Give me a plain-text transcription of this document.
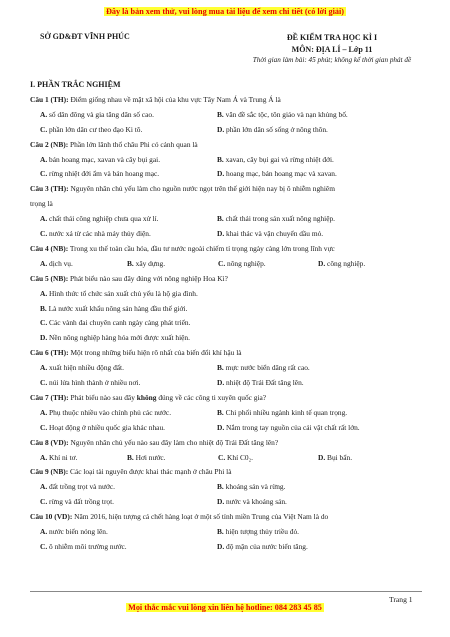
Đây là bản xem thử, vui lòng mua tài liệu để xem chi tiết (có lời giải)
SỞ GD&ĐT VĨNH PHÚC	ĐỀ KIỂM TRA HỌC KÌ I
MÔN: ĐỊA LÍ – Lớp 11
Thời gian làm bài: 45 phút; không kể thời gian phát đề
I. PHẦN TRẮC NGHIỆM
Câu 1 (TH): Điểm giống nhau về mặt xã hội của khu vực Tây Nam Á và Trung Á là
A. số dân đông và gia tăng dân số cao.	B. văn đề sắc tộc, tôn giáo và nạn khủng bố.
C. phần lớn dân cư theo đạo Ki tô.	D. phần lớn dân số sống ở nông thôn.
Câu 2 (NB): Phần lớn lãnh thổ châu Phi có cảnh quan là
A. bán hoang mạc, xavan và cây bụi gai.	B. xavan, cây bụi gai và rừng nhiệt đới.
C. rừng nhiệt đới ẩm và bán hoang mạc.	D. hoang mạc, bán hoang mạc và xavan.
Câu 3 (TH): Nguyên nhân chủ yếu làm cho nguồn nước ngọt trên thế giới hiện nay bị ô nhiễm nghiêm
trọng là
A. chất thải công nghiệp chưa qua xử lí.	B. chất thải trong sản xuất nông nghiệp.
C. nước xả từ các nhà máy thủy điện.	D. khai thác và vận chuyển dầu mỏ.
Câu 4 (NB): Trong xu thế toàn cầu hóa, đầu tư nước ngoài chiếm tỉ trọng ngày càng lớn trong lĩnh vực
A. dịch vụ.	B. xây dựng.	C. nông nghiệp.	D. công nghiệp.
Câu 5 (NB): Phát biểu nào sau đây đúng với nông nghiệp Hoa Kì?
A. Hình thức tổ chức sản xuất chủ yếu là hộ gia đình.
B. Là nước xuất khẩu nông sản hàng đầu thế giới.
C. Các vành đai chuyên canh ngày càng phát triển.
D. Nền nông nghiệp hàng hóa mới được xuất hiện.
Câu 6 (TH): Một trong những biểu hiện rõ nhất của biến đổi khí hậu là
A. xuất hiện nhiều động đất.	B. mực nước biển dâng rất cao.
C. núi lửa hình thành ở nhiều nơi.	D. nhiệt độ Trái Đất tăng lên.
Câu 7 (TH): Phát biểu nào sau đây không đúng về các công ti xuyên quốc gia?
A. Phụ thuộc nhiều vào chính phủ các nước.	B. Chi phối nhiều ngành kinh tế quan trọng.
C. Hoạt động ở nhiều quốc gia khác nhau.	D. Nắm trong tay nguồn của cải vật chất rất lớn.
Câu 8 (VD): Nguyên nhân chủ yếu nào sau đây làm cho nhiệt độ Trái Đất tăng lên?
A. Khí ni tơ.	B. Hơi nước.	C. Khí C0₂.	D. Bụi bẩn.
Câu 9 (NB): Các loại tài nguyên được khai thác mạnh ở châu Phi là
A. đất trồng trọt và nước.	B. khoáng sản và rừng.
C. rừng và đất trồng trọt.	D. nước và khoáng sản.
Câu 10 (VD): Năm 2016, hiện tượng cá chết hàng loạt ở một số tỉnh miền Trung của Việt Nam là do
A. nước biển nóng lên.	B. hiện tượng thủy triều đỏ.
C. ô nhiễm môi trường nước.	D. độ mặn của nước biển tăng.
Trang 1
Mọi thắc mắc vui lòng xin liên hệ hotline: 084 283 45 85
